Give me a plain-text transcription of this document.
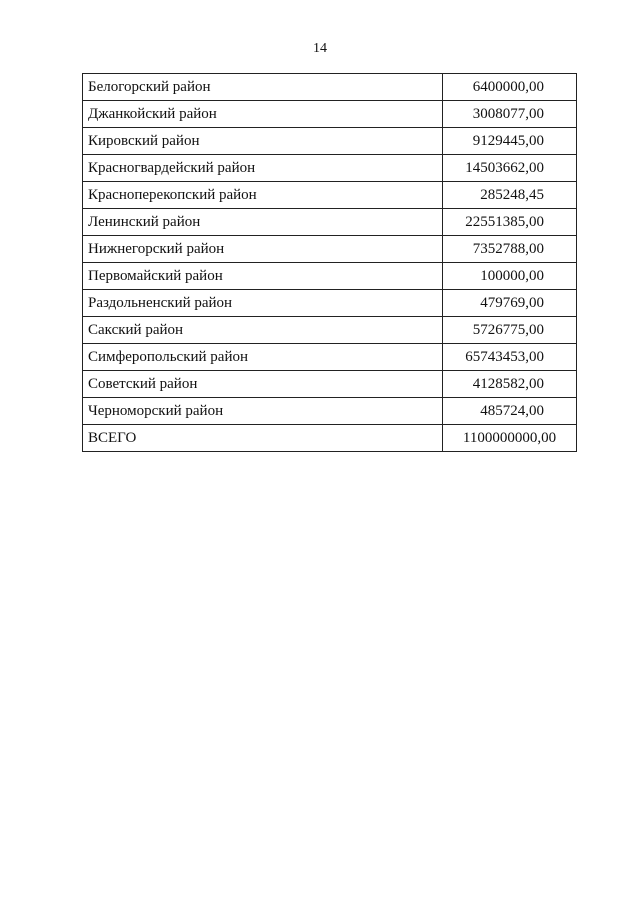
14
Белогорский район	6400000,00
Джанкойский район	3008077,00
Кировский район	9129445,00
Красногвардейский район	14503662,00
Красноперекопский район	285248,45
Ленинский район	22551385,00
Нижнегорский район	7352788,00
Первомайский район	100000,00
Раздольненский район	479769,00
Сакский район	5726775,00
Симферопольский район	65743453,00
Советский район	4128582,00
Черноморский район	485724,00
ВСЕГО	1100000000,00
